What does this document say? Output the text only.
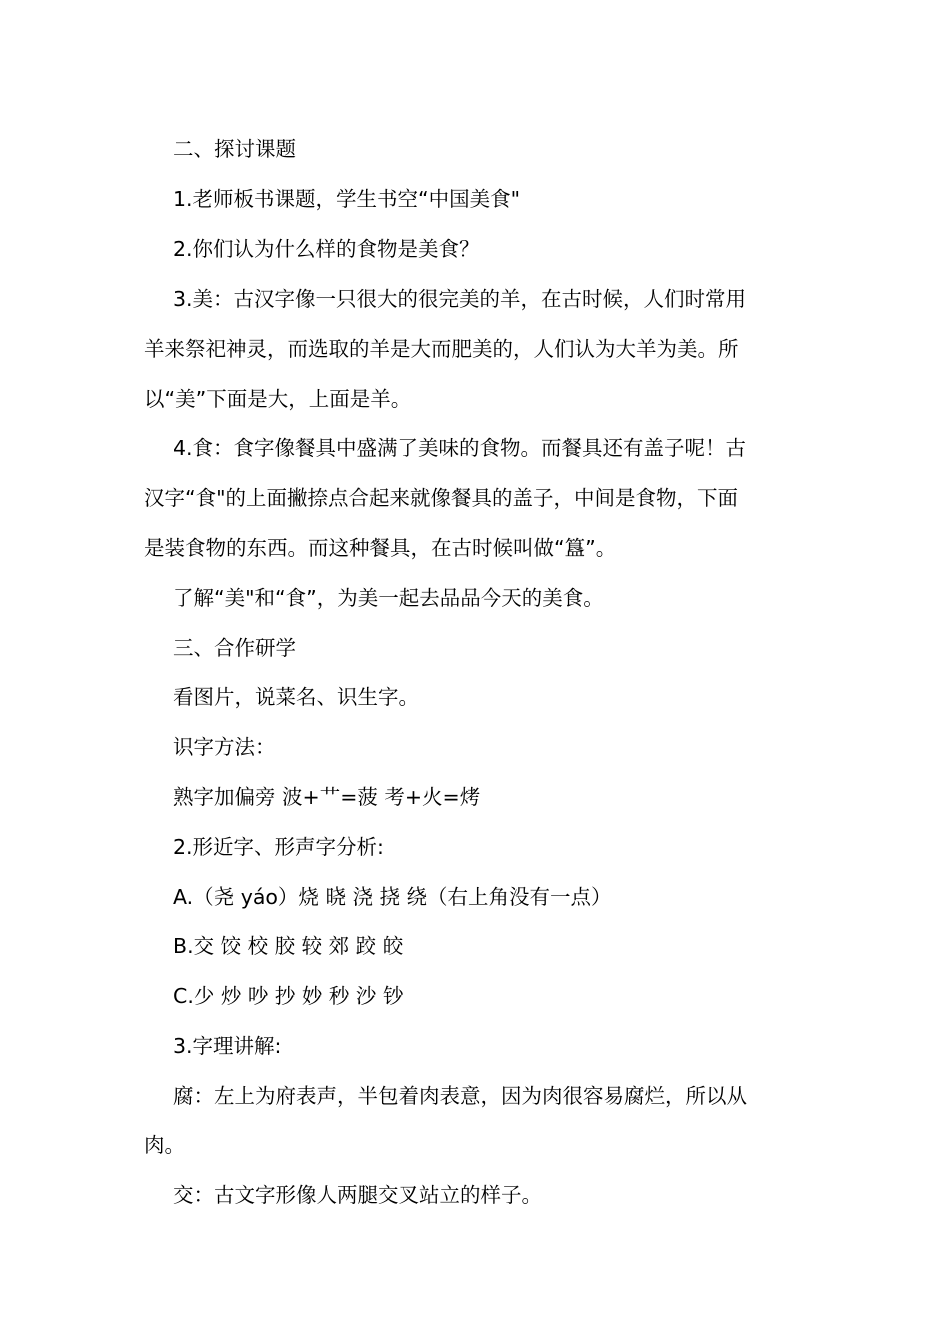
二、探讨课题
1.老师板书课题，学生书空“中国美食"
2.你们认为什么样的食物是美食？
3.美：古汉字像一只很大的很完美的羊，在古时候，人们时常用
羊来祭祀神灵，而选取的羊是大而肥美的，人们认为大羊为美。所
以“美”下面是大，上面是羊。
4.食：食字像餐具中盛满了美味的食物。而餐具还有盖子呢！古
汉字“食"的上面撇捺点合起来就像餐具的盖子，中间是食物，下面
是装食物的东西。而这种餐具，在古时候叫做“簋”。
了解“美"和“食”，为美一起去品品今天的美食。
三、合作研学
看图片，说菜名、识生字。
识字方法：
熟字加偏旁 波+艹=菠 考+火=烤
2.形近字、形声字分析:
A.（尧 yáo）烧 晓 浇 挠 绕（右上角没有一点）
B.交 饺 校 胶 较 郊 跤 皎
C.少 炒 吵 抄 妙 秒 沙 钞
3.字理讲解:
腐：左上为府表声，半包着肉表意，因为肉很容易腐烂，所以从
肉。
交：古文字形像人两腿交叉站立的样子。
